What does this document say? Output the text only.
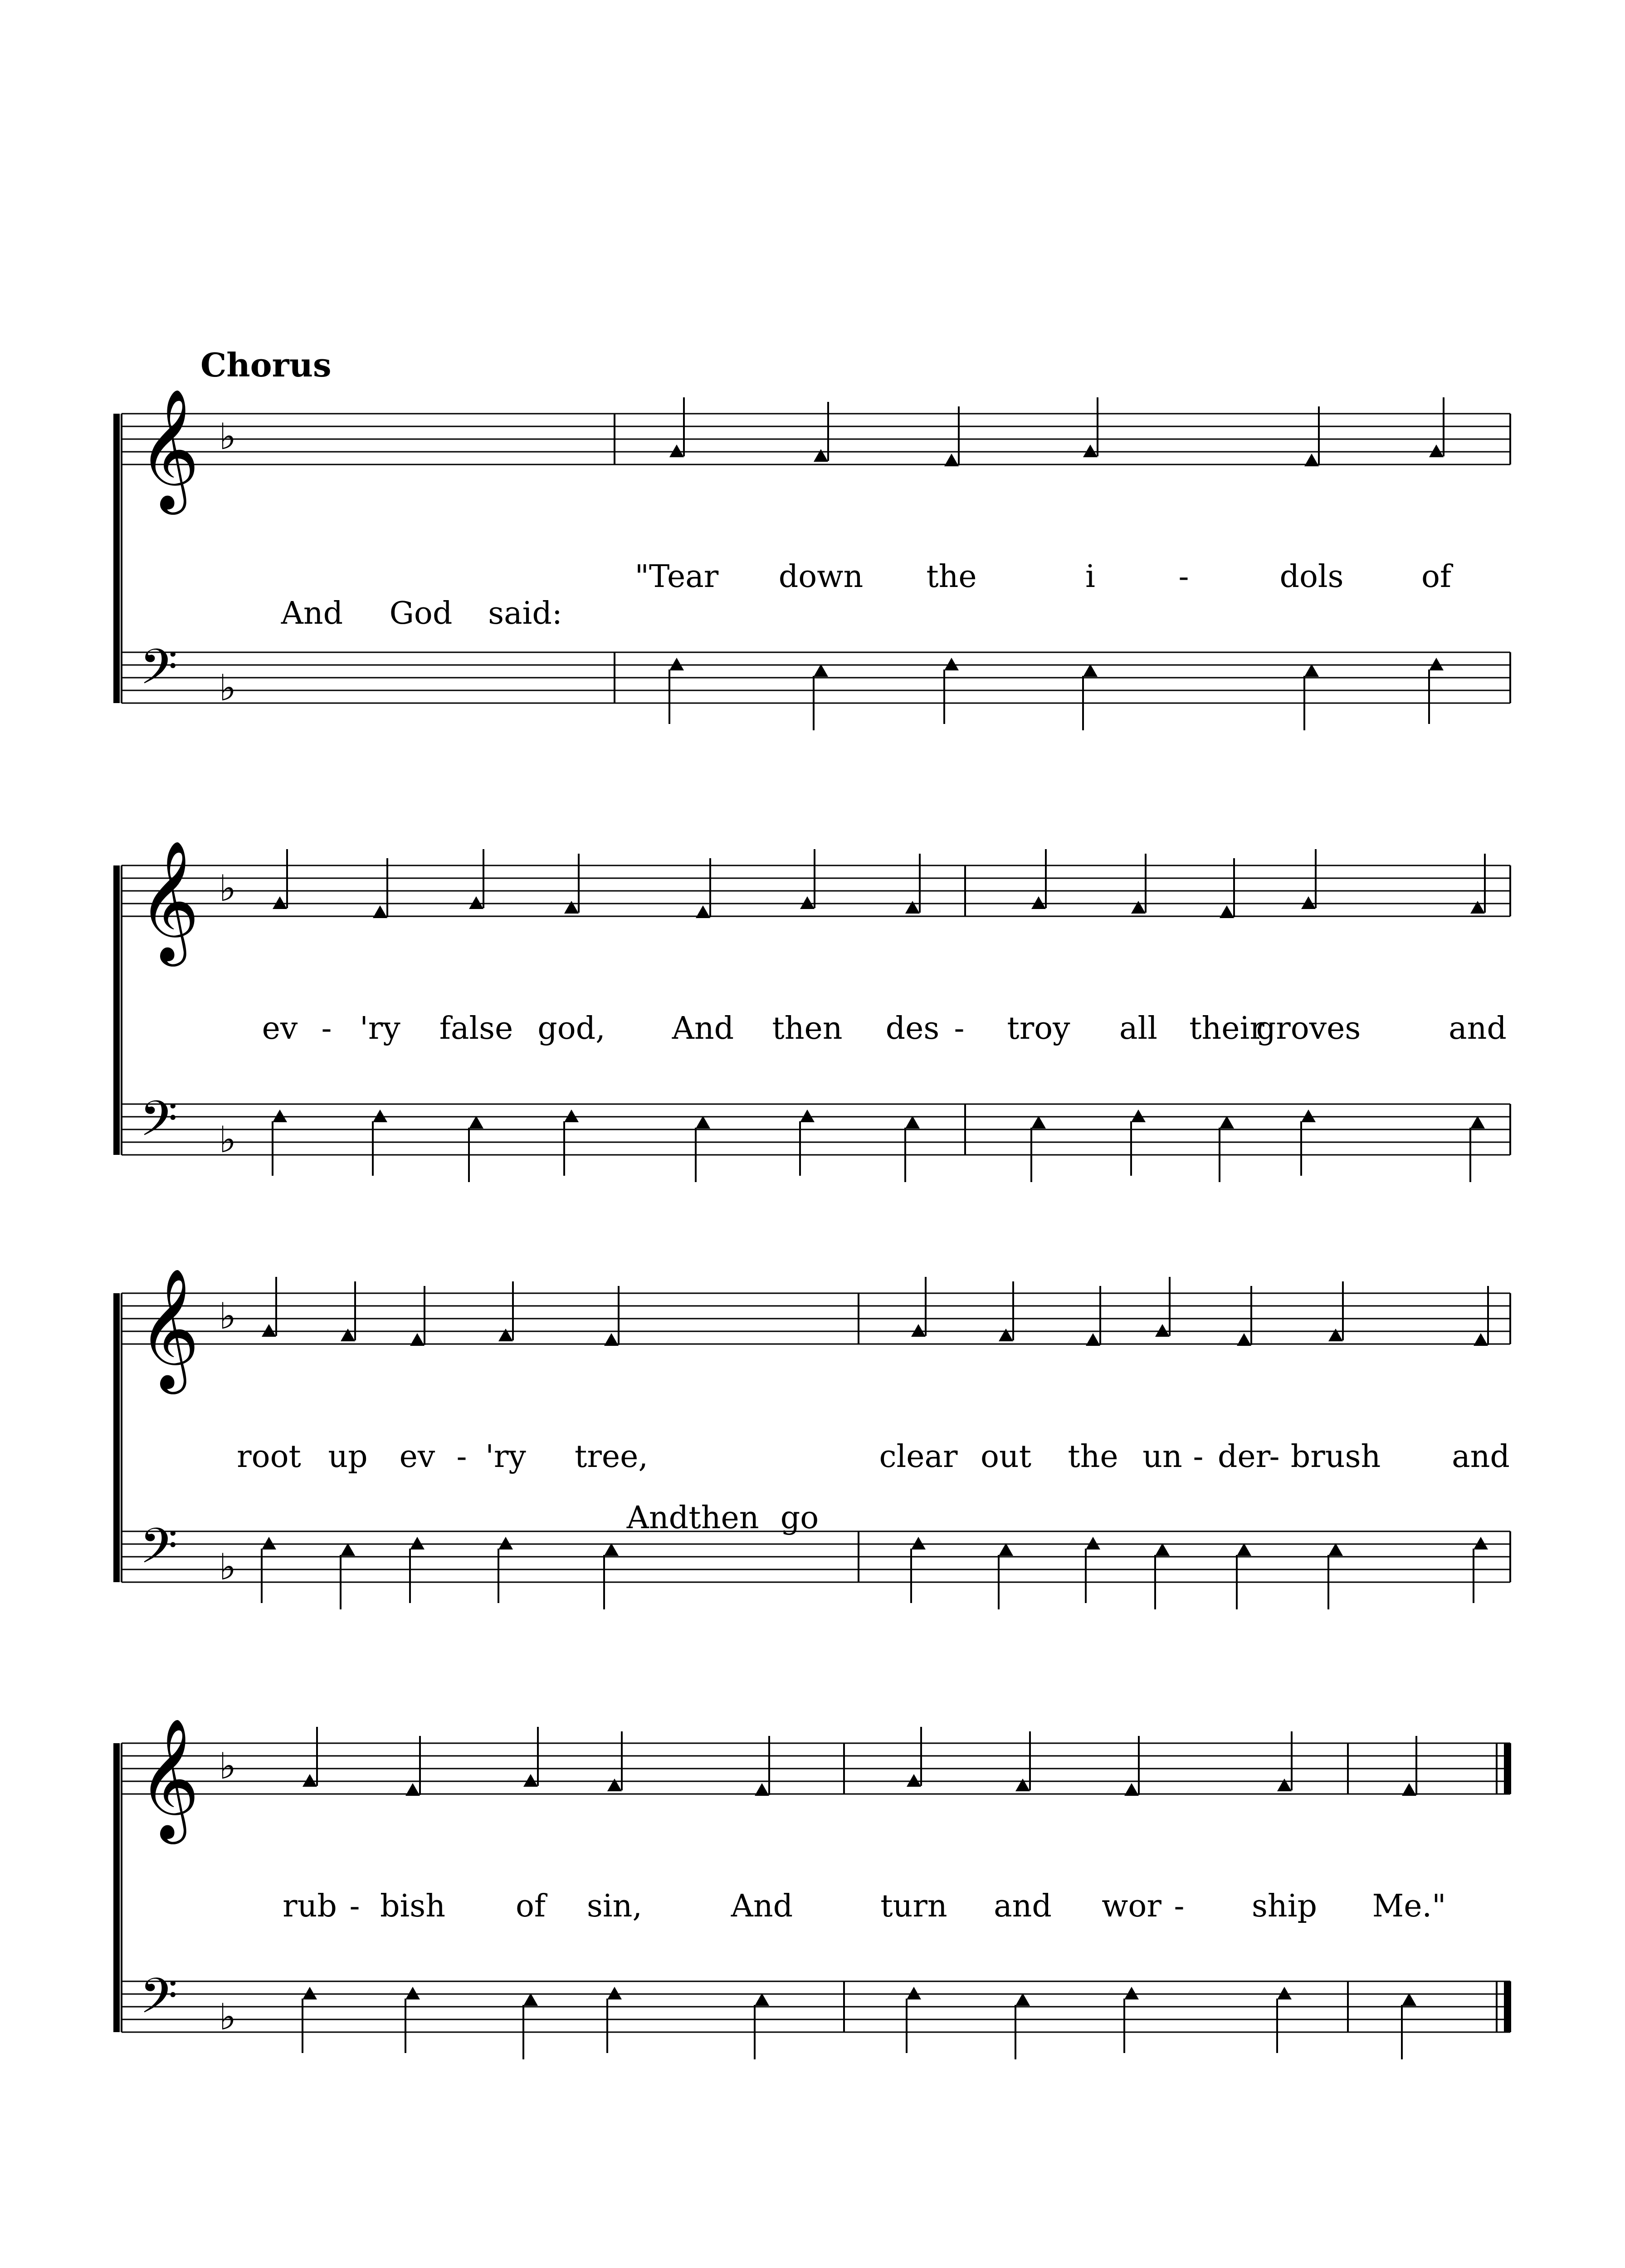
Chorus
𝄞
𝄢
♭
♭
"Tear down the	i	-	dols	of
And God said:
𝄞
𝄢
♭
♭
ev - 'ry false god, And then des - troy all their
groves	and
𝄞
𝄢
♭
♭
root up ev - 'ry tree,	clear out the un - der
- brush and
And then go
𝄞
𝄢
♭
♭
rub - bish of sin,	And	turn and wor - ship Me."
